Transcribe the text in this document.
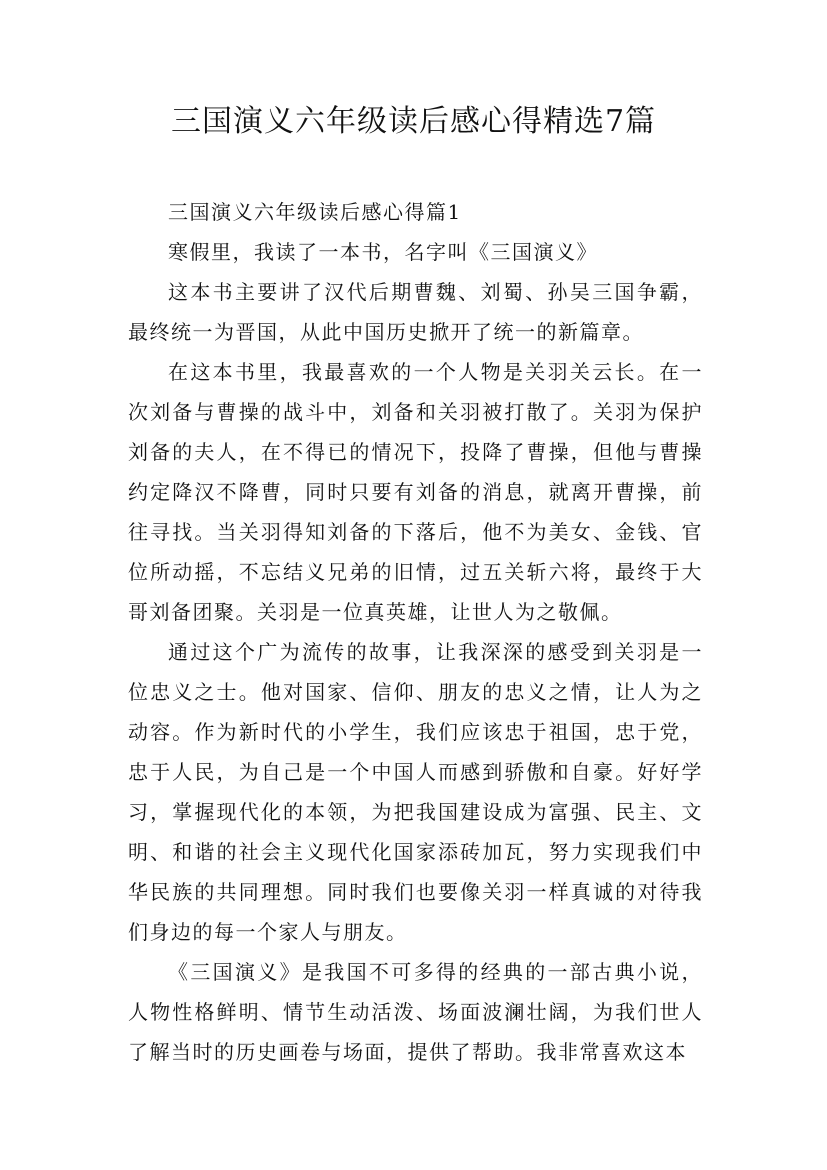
三国演义六年级读后感心得精选7篇

三国演义六年级读后感心得篇1

寒假里，我读了一本书，名字叫《三国演义》

这本书主要讲了汉代后期曹魏、刘蜀、孙吴三国争霸，最终统一为晋国，从此中国历史掀开了统一的新篇章。

在这本书里，我最喜欢的一个人物是关羽关云长。在一次刘备与曹操的战斗中，刘备和关羽被打散了。关羽为保护刘备的夫人，在不得已的情况下，投降了曹操，但他与曹操约定降汉不降曹，同时只要有刘备的消息，就离开曹操，前往寻找。当关羽得知刘备的下落后，他不为美女、金钱、官位所动摇，不忘结义兄弟的旧情，过五关斩六将，最终于大哥刘备团聚。关羽是一位真英雄，让世人为之敬佩。

通过这个广为流传的故事，让我深深的感受到关羽是一位忠义之士。他对国家、信仰、朋友的忠义之情，让人为之动容。作为新时代的小学生，我们应该忠于祖国，忠于党，忠于人民，为自己是一个中国人而感到骄傲和自豪。好好学习，掌握现代化的本领，为把我国建设成为富强、民主、文明、和谐的社会主义现代化国家添砖加瓦，努力实现我们中华民族的共同理想。同时我们也要像关羽一样真诚的对待我们身边的每一个家人与朋友。

《三国演义》是我国不可多得的经典的一部古典小说，人物性格鲜明、情节生动活泼、场面波澜壮阔，为我们世人了解当时的历史画卷与场面，提供了帮助。我非常喜欢这本
